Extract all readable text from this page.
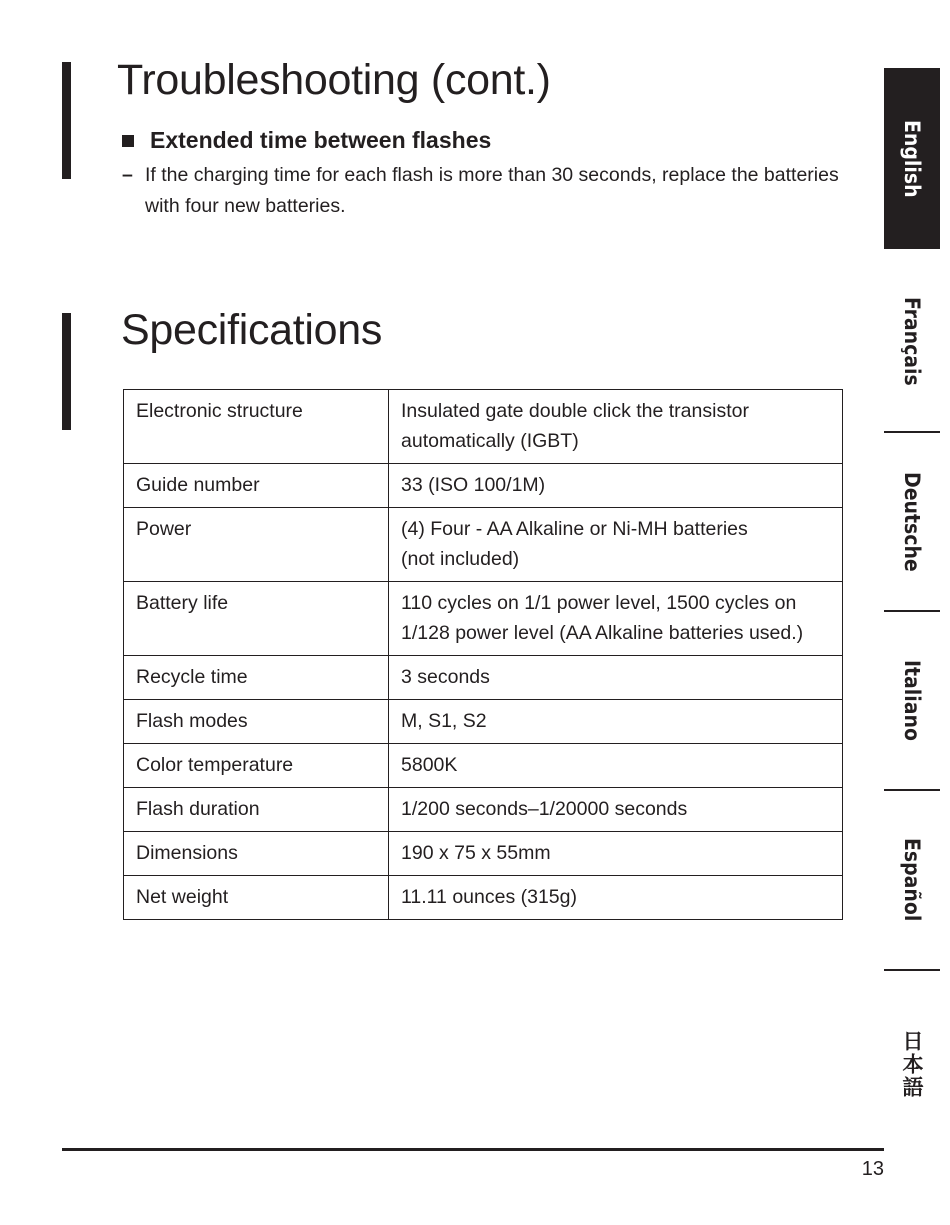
Troubleshooting (cont.)
Extended time between flashes

– If the charging time for each flash is more than 30 seconds, replace the batteries with four new batteries.

Specifications
Electronic structure	Insulated gate double click the transistor
automatically (IGBT)

Guide number	33 (ISO 100/1M)

Power	(4) Four - AA Alkaline or Ni-MH batteries
(not included)

Battery life	110 cycles on 1/1 power level, 1500 cycles on
1/128 power level (AA Alkaline batteries used.)

Recycle time	3 seconds

Flash modes	M, S1, S2

Color temperature	5800K

Flash duration	1/200 seconds–1/20000 seconds

Dimensions	190 x 75 x 55mm

Net weight	11.11 ounces (315g)
English
Français
Deutsche
Italiano
Español
日本語
13
